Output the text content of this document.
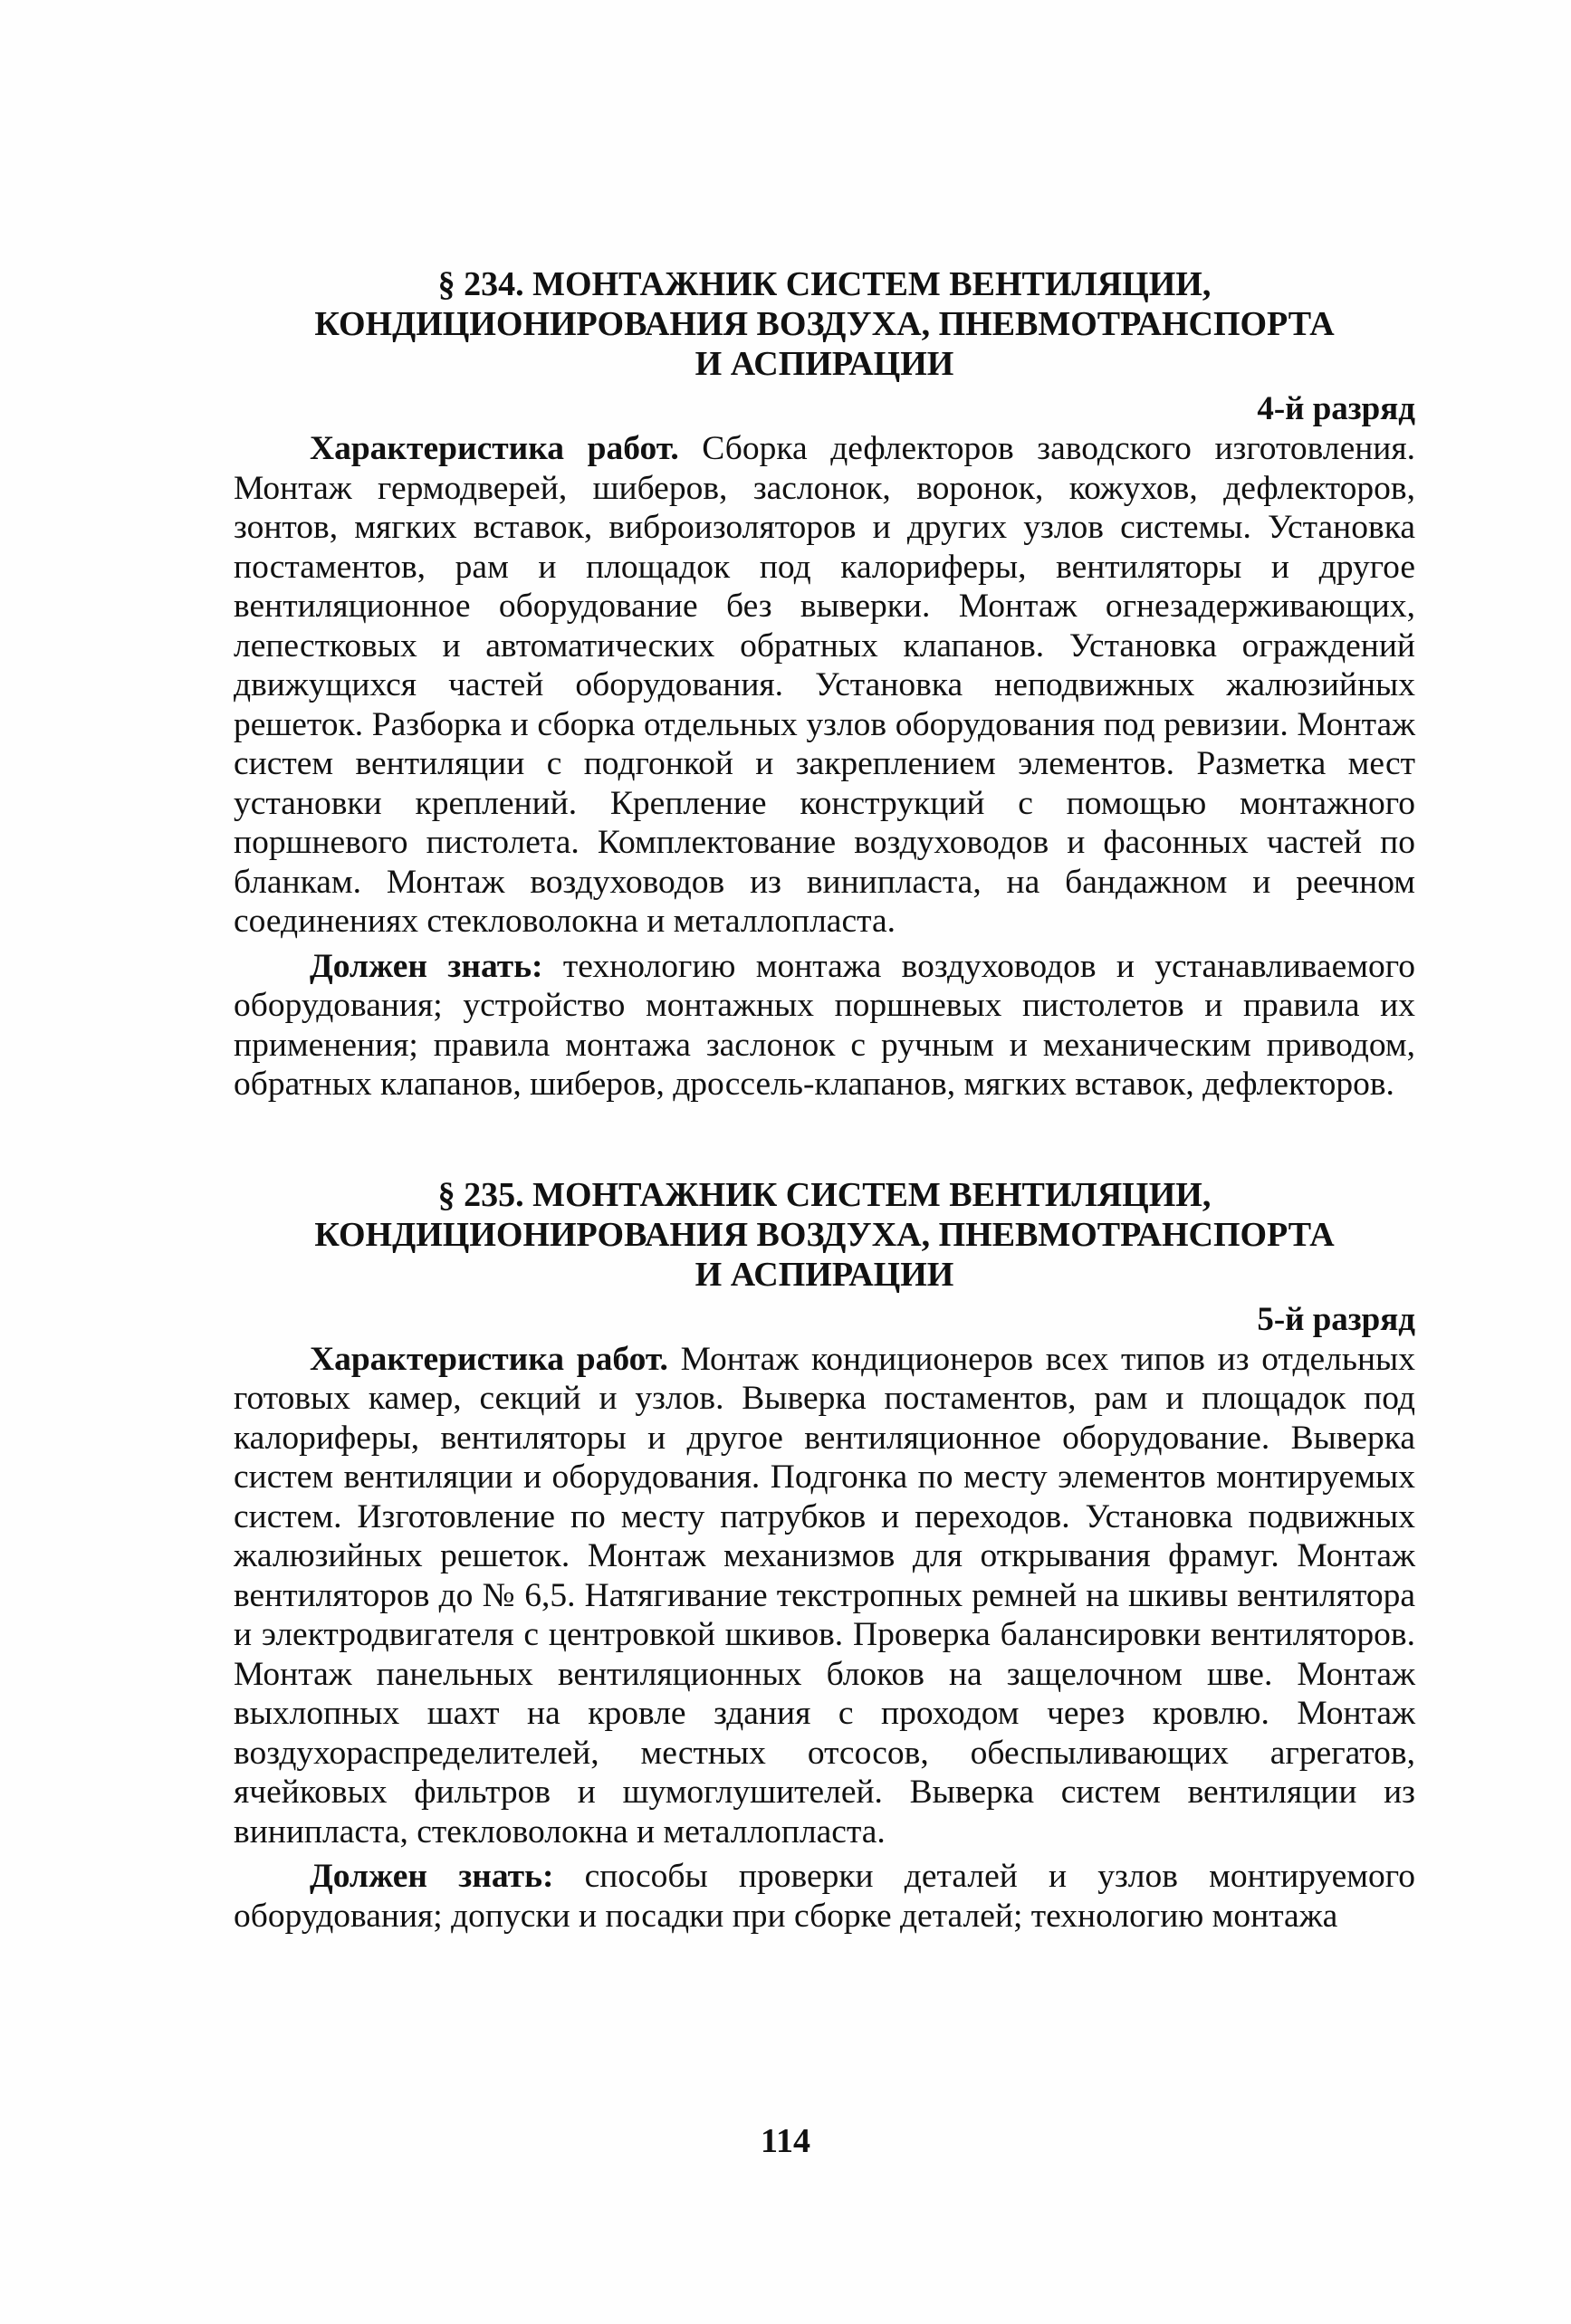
§ 234. МОНТАЖНИК СИСТЕМ ВЕНТИЛЯЦИИ,
КОНДИЦИОНИРОВАНИЯ ВОЗДУХА, ПНЕВМОТРАНСПОРТА
И АСПИРАЦИИ
4-й разряд

Характеристика работ. Сборка дефлекторов заводского изготовления. Монтаж гермодверей, шиберов, заслонок, воронок, кожухов, дефлекторов, зонтов, мягких вставок, виброизоляторов и других узлов системы. Установка постаментов, рам и площадок под калориферы, вентиляторы и другое вентиляционное оборудование без выверки. Монтаж огнезадерживающих, лепестковых и автоматических обратных клапанов. Установка ограждений движущихся частей оборудования. Установка неподвижных жалюзийных решеток. Разборка и сборка отдельных узлов оборудования под ревизии. Монтаж систем вентиляции с подгонкой и закреплением элементов. Разметка мест установки креплений. Крепление конструкций с помощью монтажного поршневого пистолета. Комплектование воздуховодов и фасонных частей по бланкам. Монтаж воздуховодов из винипласта, на бандажном и реечном соединениях стекловолокна и металлопласта.

Должен знать: технологию монтажа воздуховодов и устанавливаемого оборудования; устройство монтажных поршневых пистолетов и правила их применения; правила монтажа заслонок с ручным и механическим приводом, обратных клапанов, шиберов, дроссель-клапанов, мягких вставок, дефлекторов.

§ 235. МОНТАЖНИК СИСТЕМ ВЕНТИЛЯЦИИ,
КОНДИЦИОНИРОВАНИЯ ВОЗДУХА, ПНЕВМОТРАНСПОРТА
И АСПИРАЦИИ
5-й разряд

Характеристика работ. Монтаж кондиционеров всех типов из отдельных готовых камер, секций и узлов. Выверка постаментов, рам и площадок под калориферы, вентиляторы и другое вентиляционное оборудование. Выверка систем вентиляции и оборудования. Подгонка по месту элементов монтируемых систем. Изготовление по месту патрубков и переходов. Установка подвижных жалюзийных решеток. Монтаж механизмов для открывания фрамуг. Монтаж вентиляторов до № 6,5. Натягивание текстропных ремней на шкивы вентилятора и электродвигателя с центровкой шкивов. Проверка балансировки вентиляторов. Монтаж панельных вентиляционных блоков на защелочном шве. Монтаж выхлопных шахт на кровле здания с проходом через кровлю. Монтаж воздухораспределителей, местных отсосов, обеспыливающих агрегатов, ячейковых фильтров и шумоглушителей. Выверка систем вентиляции из винипласта, стекловолокна и металлопласта.

Должен знать: способы проверки деталей и узлов монтируемого оборудования; допуски и посадки при сборке деталей; технологию монтажа

114
